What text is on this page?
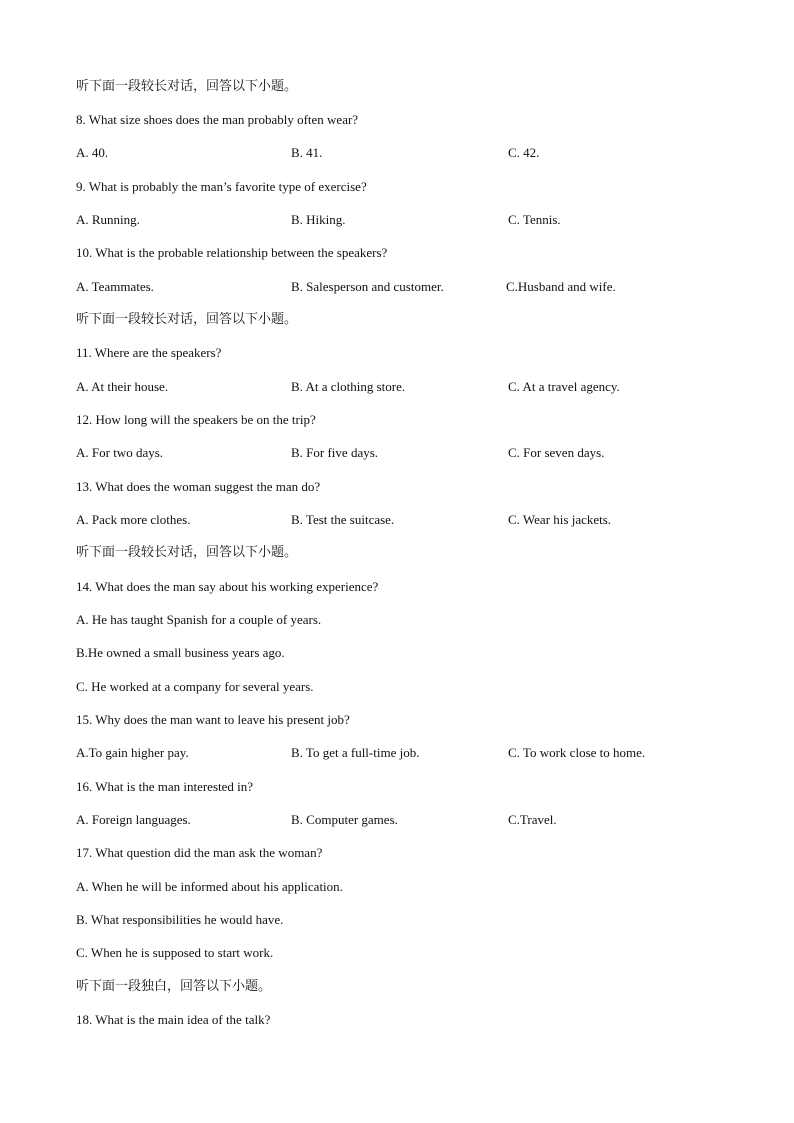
听下面一段较长对话，回答以下小题。
8. What size shoes does the man probably often wear?
A. 40.	B. 41.	C. 42.
9. What is probably the man’s favorite type of exercise?
A. Running.	B. Hiking.	C. Tennis.
10. What is the probable relationship between the speakers?
A. Teammates.	B. Salesperson and customer.	C.Husband and wife.
听下面一段较长对话，回答以下小题。
11. Where are the speakers?
A. At their house.	B. At a clothing store.	C. At a travel agency.
12. How long will the speakers be on the trip?
A. For two days.	B. For five days.	C. For seven days.
13. What does the woman suggest the man do?
A. Pack more clothes.	B. Test the suitcase.	C. Wear his jackets.
听下面一段较长对话，回答以下小题。
14. What does the man say about his working experience?
A. He has taught Spanish for a couple of years.
B.He owned a small business years ago.
C. He worked at a company for several years.
15. Why does the man want to leave his present job?
A.To gain higher pay.	B. To get a full-time job.	C. To work close to home.
16. What is the man interested in?
A. Foreign languages.	B. Computer games.	C.Travel.
17. What question did the man ask the woman?
A. When he will be informed about his application.
B. What responsibilities he would have.
C. When he is supposed to start work.
听下面一段独白，回答以下小题。
18. What is the main idea of the talk?
